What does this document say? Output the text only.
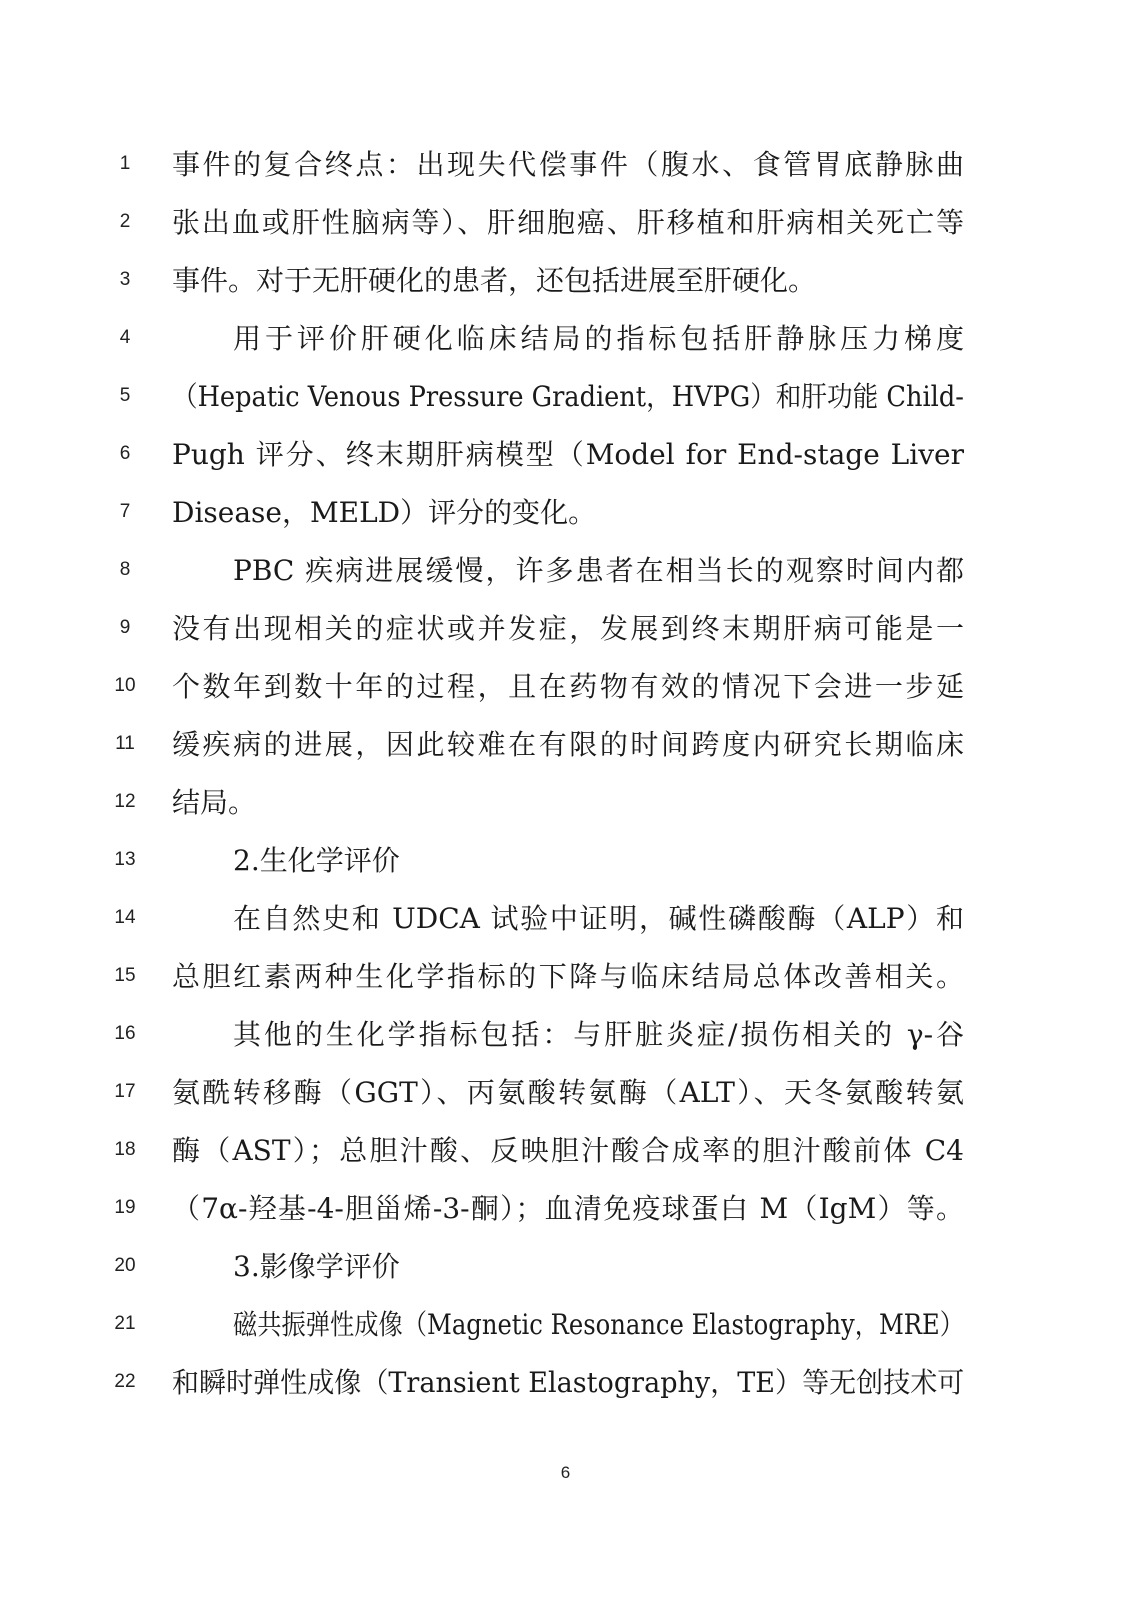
1	事件的复合终点：出现失代偿事件（腹水、食管胃底静脉曲
2	张出血或肝性脑病等）、肝细胞癌、肝移植和肝病相关死亡等
3	事件。对于无肝硬化的患者，还包括进展至肝硬化。
4	用于评价肝硬化临床结局的指标包括肝静脉压力梯度
5	（Hepatic Venous Pressure Gradient，HVPG）和肝功能 Child-
6	Pugh 评分、终末期肝病模型（Model for End-stage Liver
7	Disease，MELD）评分的变化。
8	PBC 疾病进展缓慢，许多患者在相当长的观察时间内都
9	没有出现相关的症状或并发症，发展到终末期肝病可能是一
10	个数年到数十年的过程，且在药物有效的情况下会进一步延
11	缓疾病的进展，因此较难在有限的时间跨度内研究长期临床
12	结局。
13	2.生化学评价
14	在自然史和 UDCA 试验中证明，碱性磷酸酶（ALP）和
15	总胆红素两种生化学指标的下降与临床结局总体改善相关。
16	其他的生化学指标包括：与肝脏炎症/损伤相关的 γ-谷
17	氨酰转移酶（GGT）、丙氨酸转氨酶（ALT）、天冬氨酸转氨
18	酶（AST）；总胆汁酸、反映胆汁酸合成率的胆汁酸前体 C4
19	（7α-羟基-4-胆甾烯-3-酮）；血清免疫球蛋白 M（IgM）等。
20	3.影像学评价
21	磁共振弹性成像（Magnetic Resonance Elastography，MRE）
22	和瞬时弹性成像（Transient Elastography，TE）等无创技术可
6
